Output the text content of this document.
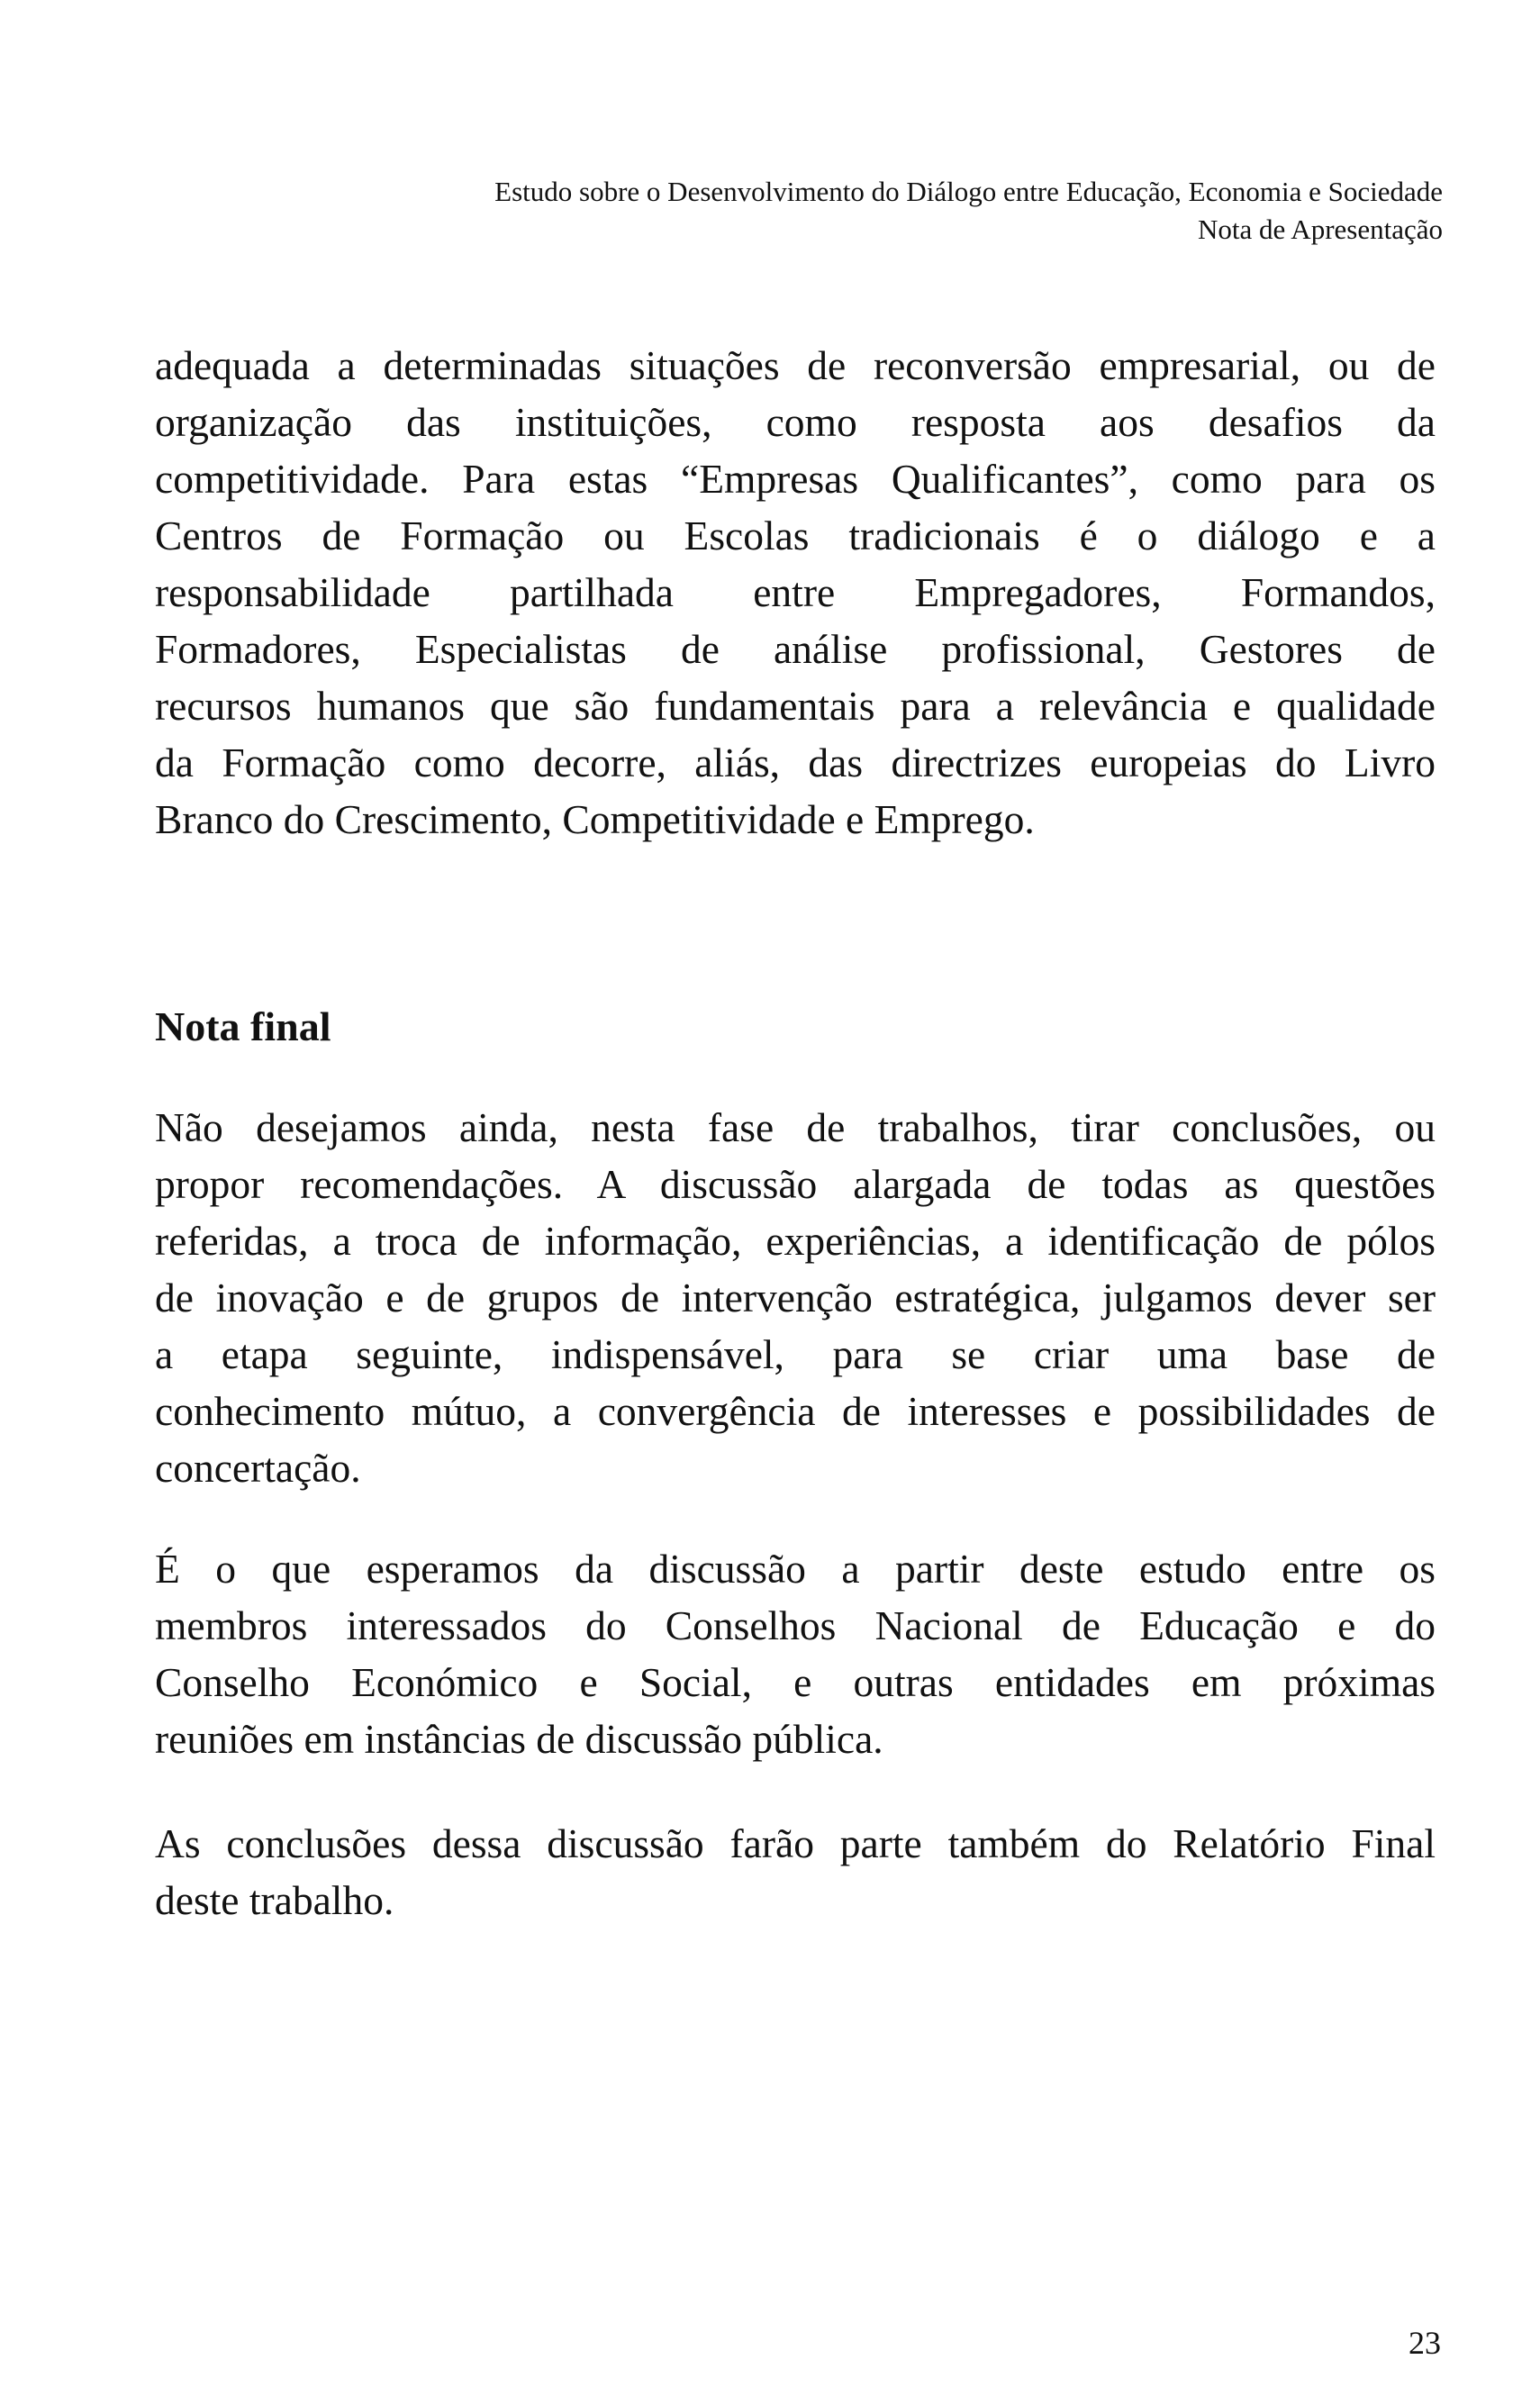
Estudo sobre o Desenvolvimento do Diálogo entre Educação, Economia e Sociedade
Nota de Apresentação
adequada a determinadas situações de reconversão empresarial, ou de
organização das instituições, como resposta aos desafios da
competitividade. Para estas “Empresas Qualificantes”, como para os
Centros de Formação ou Escolas tradicionais é o diálogo e a
responsabilidade partilhada entre Empregadores, Formandos,
Formadores, Especialistas de análise profissional, Gestores de
recursos humanos que são fundamentais para a relevância e qualidade
da Formação como decorre, aliás, das directrizes europeias do Livro
Branco do Crescimento, Competitividade e Emprego.
Nota final
Não desejamos ainda, nesta fase de trabalhos, tirar conclusões, ou
propor recomendações. A discussão alargada de todas as questões
referidas, a troca de informação, experiências, a identificação de pólos
de inovação e de grupos de intervenção estratégica, julgamos dever ser
a etapa seguinte, indispensável, para se criar uma base de
conhecimento mútuo, a convergência de interesses e possibilidades de
concertação.
É o que esperamos da discussão a partir deste estudo entre os
membros interessados do Conselhos Nacional de Educação e do
Conselho Económico e Social, e outras entidades em próximas
reuniões em instâncias de discussão pública.
As conclusões dessa discussão farão parte também do Relatório Final
deste trabalho.
23
